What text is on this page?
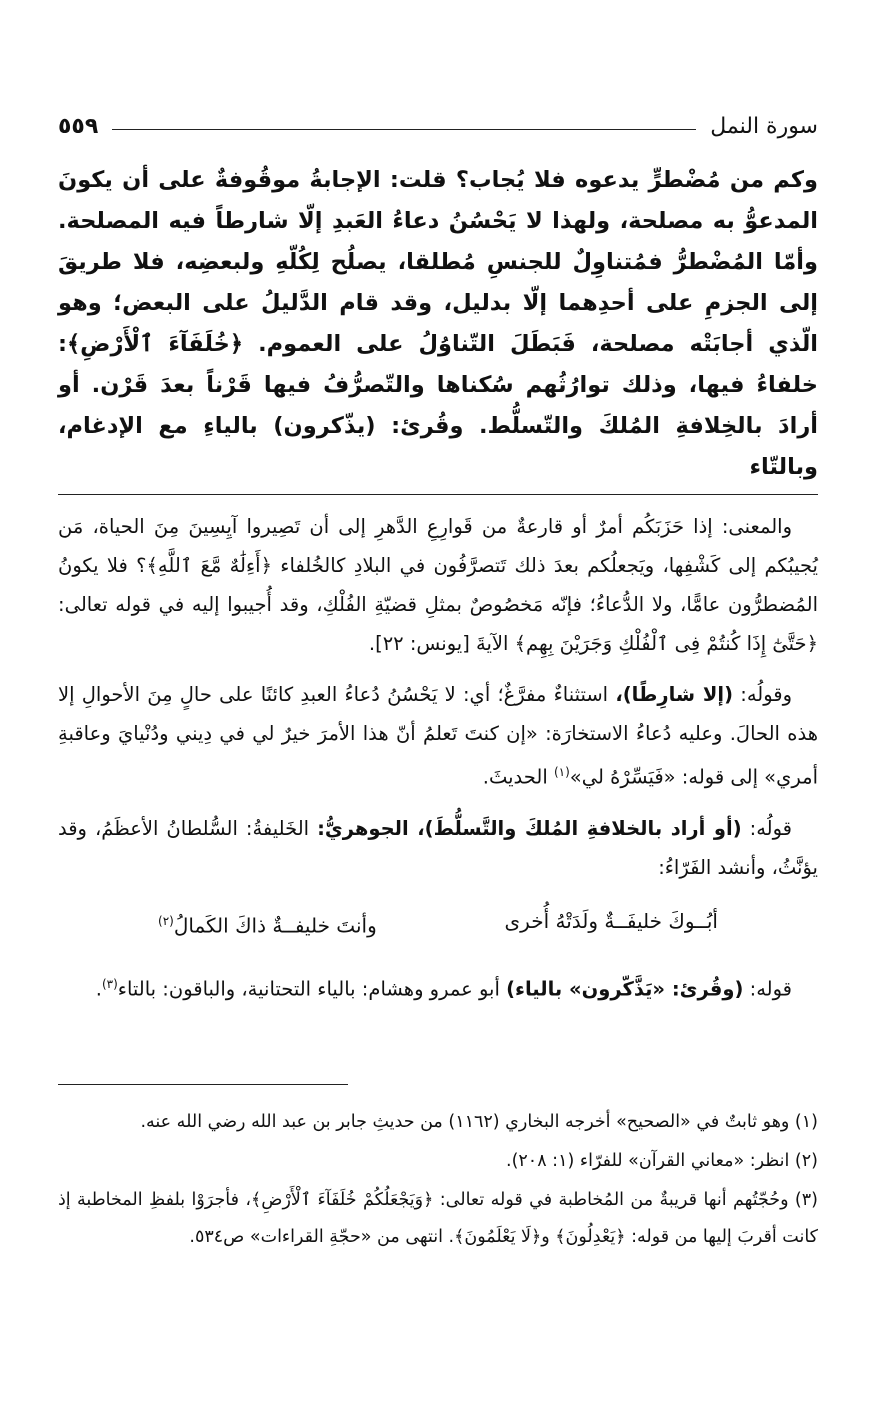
سورة النمل
٥٥٩

وكم من مُضْطرٍّ يدعوه فلا يُجاب؟ قلت: الإجابةُ موقُوفةٌ على أن يكونَ المدعوُّ به مصلحة، ولهذا لا يَحْسُنُ دعاءُ العَبدِ إلّا شارطاً فيه المصلحة. وأمّا المُضْطرُّ فمُتناوِلٌ للجنسِ مُطلقا، يصلُح لِكُلّهِ ولبعضِه، فلا طريقَ إلى الجزمِ على أحدِهما إلّا بدليل، وقد قام الدَّليلُ على البعض؛ وهو الّذي أجابَتْه مصلحة، فَبَطَلَ التّناوُلُ على العموم. ﴿خُلَفَآءَ ٱلْأَرْضِ﴾: خلفاءُ فيها، وذلك توارُثُهم سُكناها والتّصرُّفُ فيها قَرْناً بعدَ قَرْن. أو أرادَ بالخِلافةِ المُلكَ والتّسلُّط. وقُرئ: (يذّكرون) بالياءِ مع الإدغام، وبالتّاء

والمعنى: إذا حَزَبَكُم أمرٌ أو قارعةٌ من قَوارِعِ الدَّهرِ إلى أن تَصِيروا آيِسِينَ مِنَ الحياة، مَن يُجيبُكم إلى كَشْفِها، ويَجعلُكم بعدَ ذلك تَتصرَّفُون في البلادِ كالخُلفاء ﴿أَءِلَٰهٌ مَّعَ ٱللَّهِ﴾؟ فلا يكونُ المُضطرُّون عامًّا، ولا الدُّعاءُ؛ فإنّه مَخصُوصٌ بمثلِ قضيّةِ الفُلْكِ، وقد أُجيبوا إليه في قوله تعالى: ﴿حَتَّىٰٓ إِذَا كُنتُمْ فِى ٱلْفُلْكِ وَجَرَيْنَ بِهِم﴾ الآيةَ [يونس: ٢٢].

وقولُه: (إلا شارِطًا)، استثناءٌ مفرَّغٌ؛ أي: لا يَحْسُنُ دُعاءُ العبدِ كائنًا على حالٍ مِنَ الأحوالِ إلا هذه الحالَ. وعليه دُعاءُ الاستخارَة: «إن كنتَ تَعلمُ أنّ هذا الأمرَ خيرٌ لي في دِيني ودُنْيايَ وعاقبةِ أمري» إلى قوله: «فَيَسِّرْهُ لي»$^{(١)}$ الحديثَ.

قولُه: (أو أراد بالخلافةِ المُلكَ والتَّسلُّطَ)، الجوهريُّ: الخَليفةُ: السُّلطانُ الأعظَمُ، وقد يؤنَّثُ، وأنشد الفَرّاءُ:

أبُــوكَ خليفَــةٌ ولَدَتْهُ أُخرى
وأنتَ خليفــةٌ ذاكَ الكَمالُ$^{(٢)}$

قوله: (وقُرئ: «يَذَّكّرون» بالياء) أبو عمرو وهشام: بالياء التحتانية، والباقون: بالتاء$^{(٣)}$.

(١) وهو ثابتٌ في «الصحيح» أخرجه البخاري (١١٦٢) من حديثِ جابر بن عبد الله رضي الله عنه.

(٢) انظر: «معاني القرآن» للفرّاء (١: ٢٠٨).

(٣) وحُجّتُهم أنها قريبةٌ من المُخاطبة في قوله تعالى: ﴿وَيَجْعَلُكُمْ خُلَفَآءَ ٱلْأَرْضِ﴾، فأجرَوْا بلفظِ المخاطبة إذ كانت أقربَ إليها من قوله: ﴿يَعْدِلُونَ﴾ و﴿لَا يَعْلَمُونَ﴾. انتهى من «حجّةِ القراءات» ص٥٣٤.
